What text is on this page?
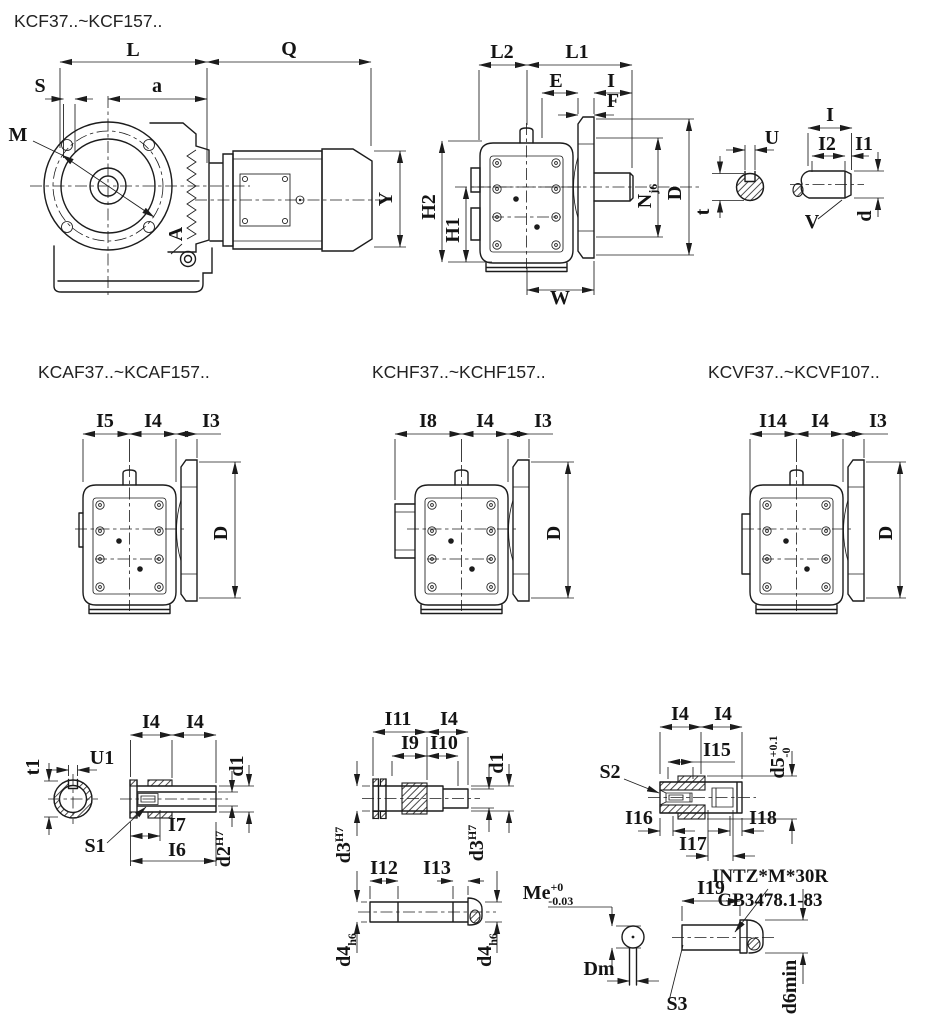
KCF37..~KCF157..
L	Q
S	a
M
A
Y
L2	L1
E I
F
H2
H1
W
$N_{j6}$ D
U
t
I
I2 I1
d
V
KCAF37..~KCAF157..
I5 I4 I3
D
KCHF37..~KCHF157..
I8 I4 I3
D
KCVF37..~KCVF107..
I14 I4 I3
D
U1
t1
I4 I4
d1
S1
I7
I6 $d2^{H7}$
I11 I4
I9 I10
$d3^{H7}$
d1
$d3^{H7}$
I12 I13
$d4_{h6}$
$d4_{h6}$
S2
I4 I4
I15
$d5^{+0.1}-0$
I16	I18
I17
$Me^{+0}$ -0.03
Dm
I19
INTZ*M*30R
GB3478.1-83
S3	d6min
